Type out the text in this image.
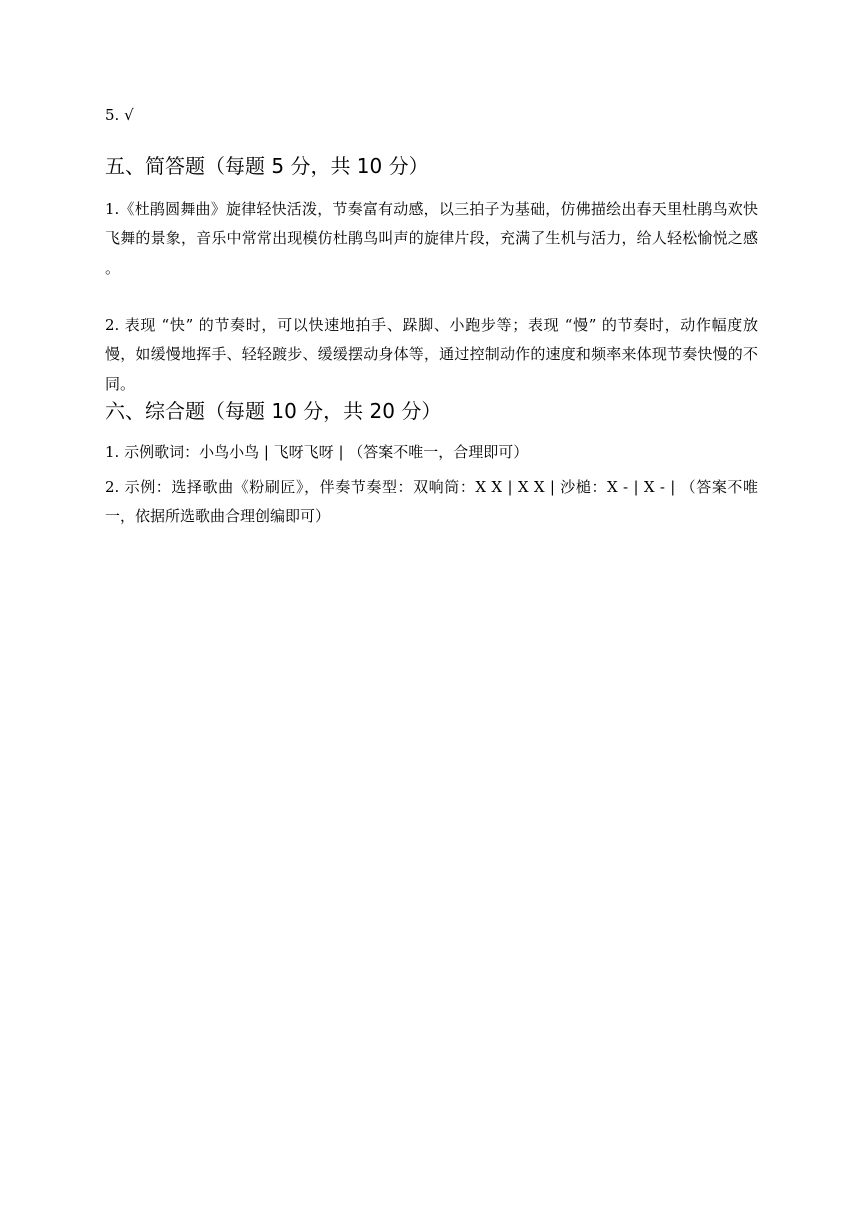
5. √
五、简答题（每题 5 分，共 10 分）

1.《杜鹃圆舞曲》旋律轻快活泼，节奏富有动感，以三拍子为基础，仿佛描绘出春天里杜鹃鸟欢快飞舞的景象，音乐中常常出现模仿杜鹃鸟叫声的旋律片段，充满了生机与活力，给人轻松愉悦之感 。

2. 表现 “快” 的节奏时，可以快速地拍手、跺脚、小跑步等；表现 “慢” 的节奏时，动作幅度放慢，如缓慢地挥手、轻轻踱步、缓缓摆动身体等，通过控制动作的速度和频率来体现节奏快慢的不同。

六、综合题（每题 10 分，共 20 分）

1. 示例歌词：小鸟小鸟 | 飞呀飞呀 | （答案不唯一，合理即可）

2. 示例：选择歌曲《粉刷匠》，伴奏节奏型：双响筒：X X | X X | 沙槌：X - | X - | （答案不唯一，依据所选歌曲合理创编即可）
